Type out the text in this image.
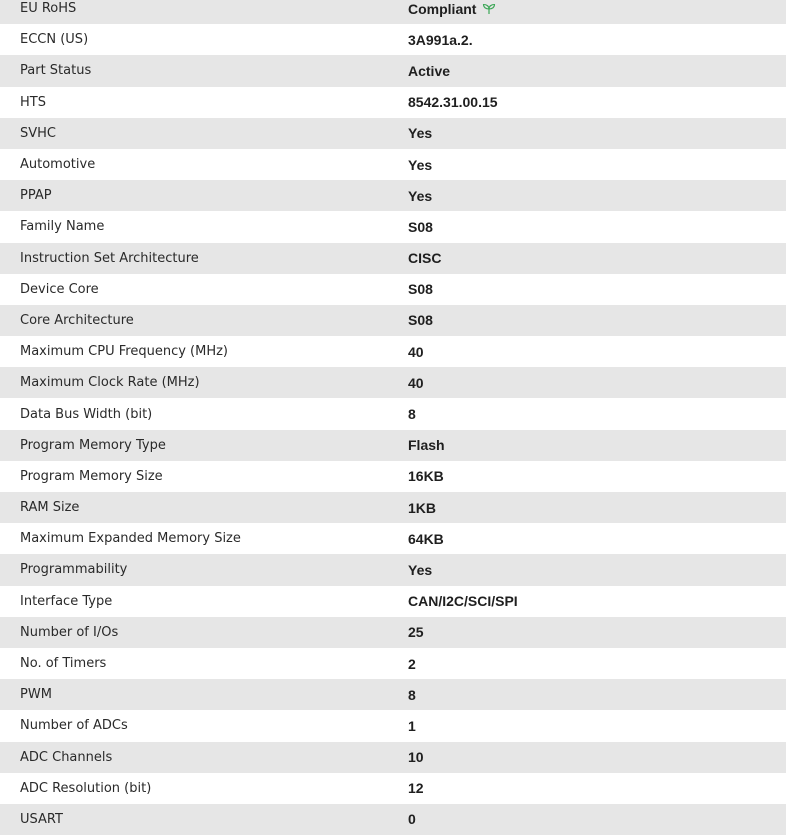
EU RoHS	Compliant
ECCN (US)	3A991a.2.
Part Status	Active
HTS	8542.31.00.15
SVHC	Yes
Automotive	Yes
PPAP	Yes
Family Name	S08
Instruction Set Architecture	CISC
Device Core	S08
Core Architecture	S08
Maximum CPU Frequency (MHz)	40
Maximum Clock Rate (MHz)	40
Data Bus Width (bit)	8
Program Memory Type	Flash
Program Memory Size	16KB
RAM Size	1KB
Maximum Expanded Memory Size	64KB
Programmability	Yes
Interface Type	CAN/I2C/SCI/SPI
Number of I/Os	25
No. of Timers	2
PWM	8
Number of ADCs	1
ADC Channels	10
ADC Resolution (bit)	12
USART	0
